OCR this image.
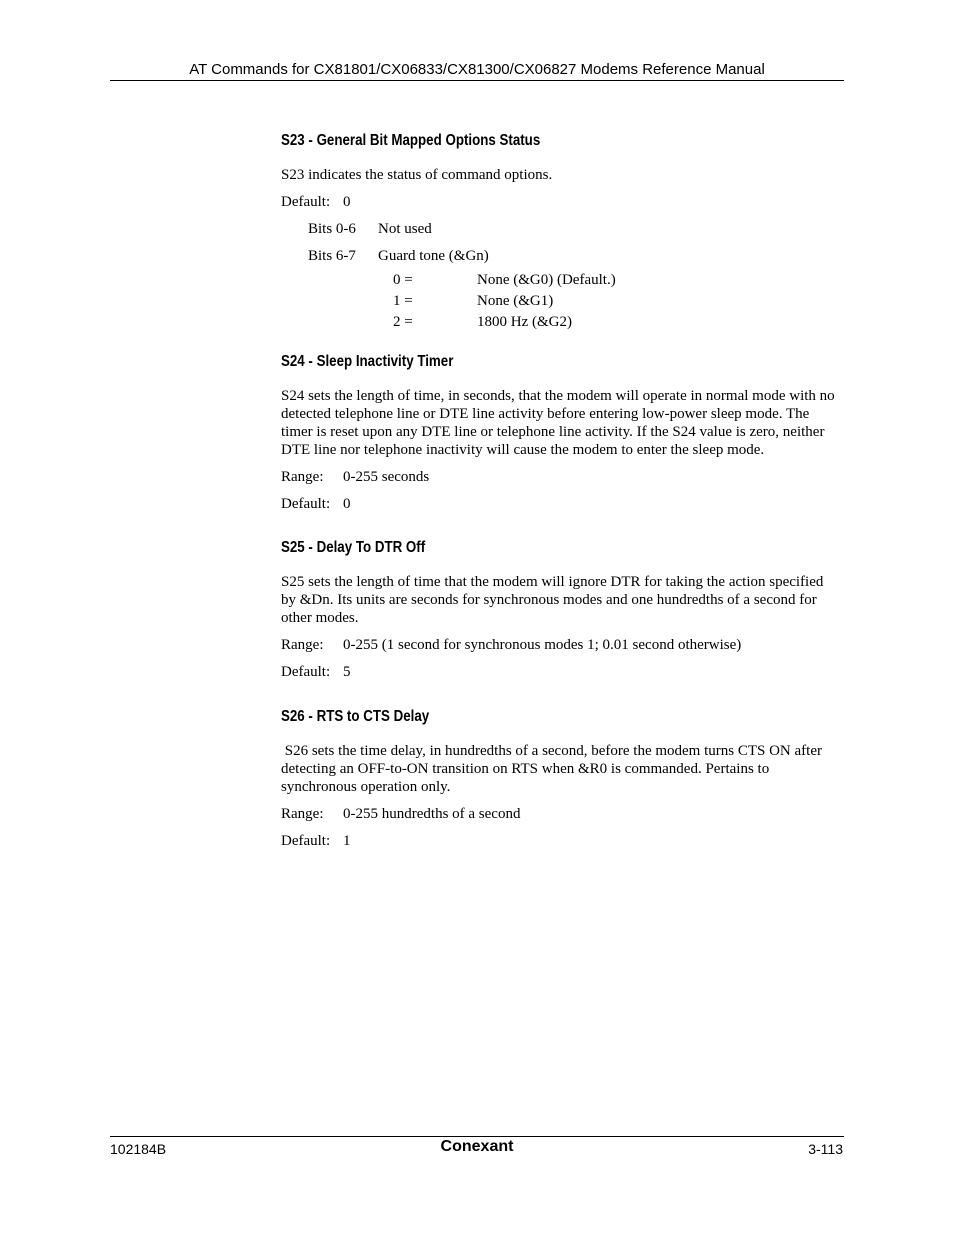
AT Commands for CX81801/CX06833/CX81300/CX06827 Modems Reference Manual
S23 - General Bit Mapped Options Status
S23 indicates the status of command options.
Default: 0
Bits 0-6 Not used
Bits 6-7 Guard tone (&Gn)
0 =	None (&G0) (Default.)
1 =	None (&G1)
2 =	1800 Hz (&G2)
S24 - Sleep Inactivity Timer
S24 sets the length of time, in seconds, that the modem will operate in normal mode with no detected telephone line or DTE line activity before entering low-power sleep mode. The timer is reset upon any DTE line or telephone line activity. If the S24 value is zero, neither DTE line nor telephone inactivity will cause the modem to enter the sleep mode.
Range: 0-255 seconds
Default: 0
S25 - Delay To DTR Off
S25 sets the length of time that the modem will ignore DTR for taking the action specified by &Dn. Its units are seconds for synchronous modes and one hundredths of a second for other modes.
Range: 0-255 (1 second for synchronous modes 1; 0.01 second otherwise)
Default: 5
S26 - RTS to CTS Delay
S26 sets the time delay, in hundredths of a second, before the modem turns CTS ON after detecting an OFF-to-ON transition on RTS when &R0 is commanded. Pertains to synchronous operation only.
Range: 0-255 hundredths of a second
Default: 1
102184B	Conexant	3-113
